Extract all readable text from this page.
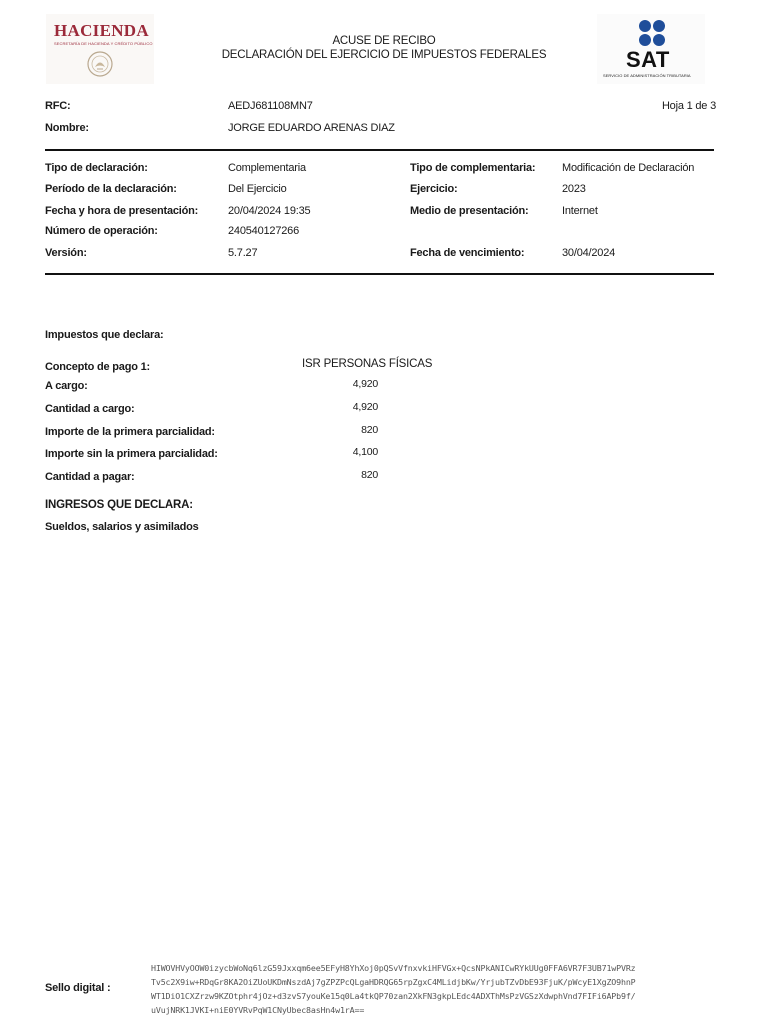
HACIENDA
SECRETARÍA DE HACIENDA Y CRÉDITO PÚBLICO	ACUSE DE RECIBO
DECLARACIÓN DEL EJERCICIO DE IMPUESTOS FEDERALES	SAT
SERVICIO DE ADMINISTRACIÓN TRIBUTARIA
RFC:	AEDJ681108MN7	Hoja 1 de 3
Nombre:	JORGE EDUARDO ARENAS DIAZ
Tipo de declaración:	Complementaria	Tipo de complementaria: Modificación de Declaración
Período de la declaración:	Del Ejercicio	Ejercicio:	2023
Fecha y hora de presentación:	20/04/2024 19:35	Medio de presentación:	Internet
Número de operación:	240540127266
Versión:	5.7.27	Fecha de vencimiento:	30/04/2024
Impuestos que declara:
Concepto de pago 1:	ISR PERSONAS FÍSICAS
A cargo:	4,920
Cantidad a cargo:	4,920
Importe de la primera parcialidad:	820
Importe sin la primera parcialidad:	4,100
Cantidad a pagar:	820
INGRESOS QUE DECLARA:
Sueldos, salarios y asimilados
Sello digital :
HIWOVHVyOOW0izycbWoNq6lzG59Jxxqm6ee5EFyH8YhXoj0pQSvVfnxvkiHFVGx+QcsNPkANICwRYkUUg0FFA6VR7F3UB71wPVRz
Tv5c2X9iw+RDqGr8KA2OiZUoUKDmNszdAj7gZPZPcQLgaHDRQG65rpZgxC4MLidjbKw/YrjubTZvDbE93FjuK/pWcyE1XgZO9hnP
WT1DiO1CXZrzw9KZOtphr4jOz+d3zvS7youKe15q0La4tkQP70zan2XkFN3gkpLEdc4ADXThMsPzVGSzXdwphVnd7FIFi6APb9f/
uVujNRK1JVKI+niE0YVRvPqW1CNyUbec8asHn4w1rA==
